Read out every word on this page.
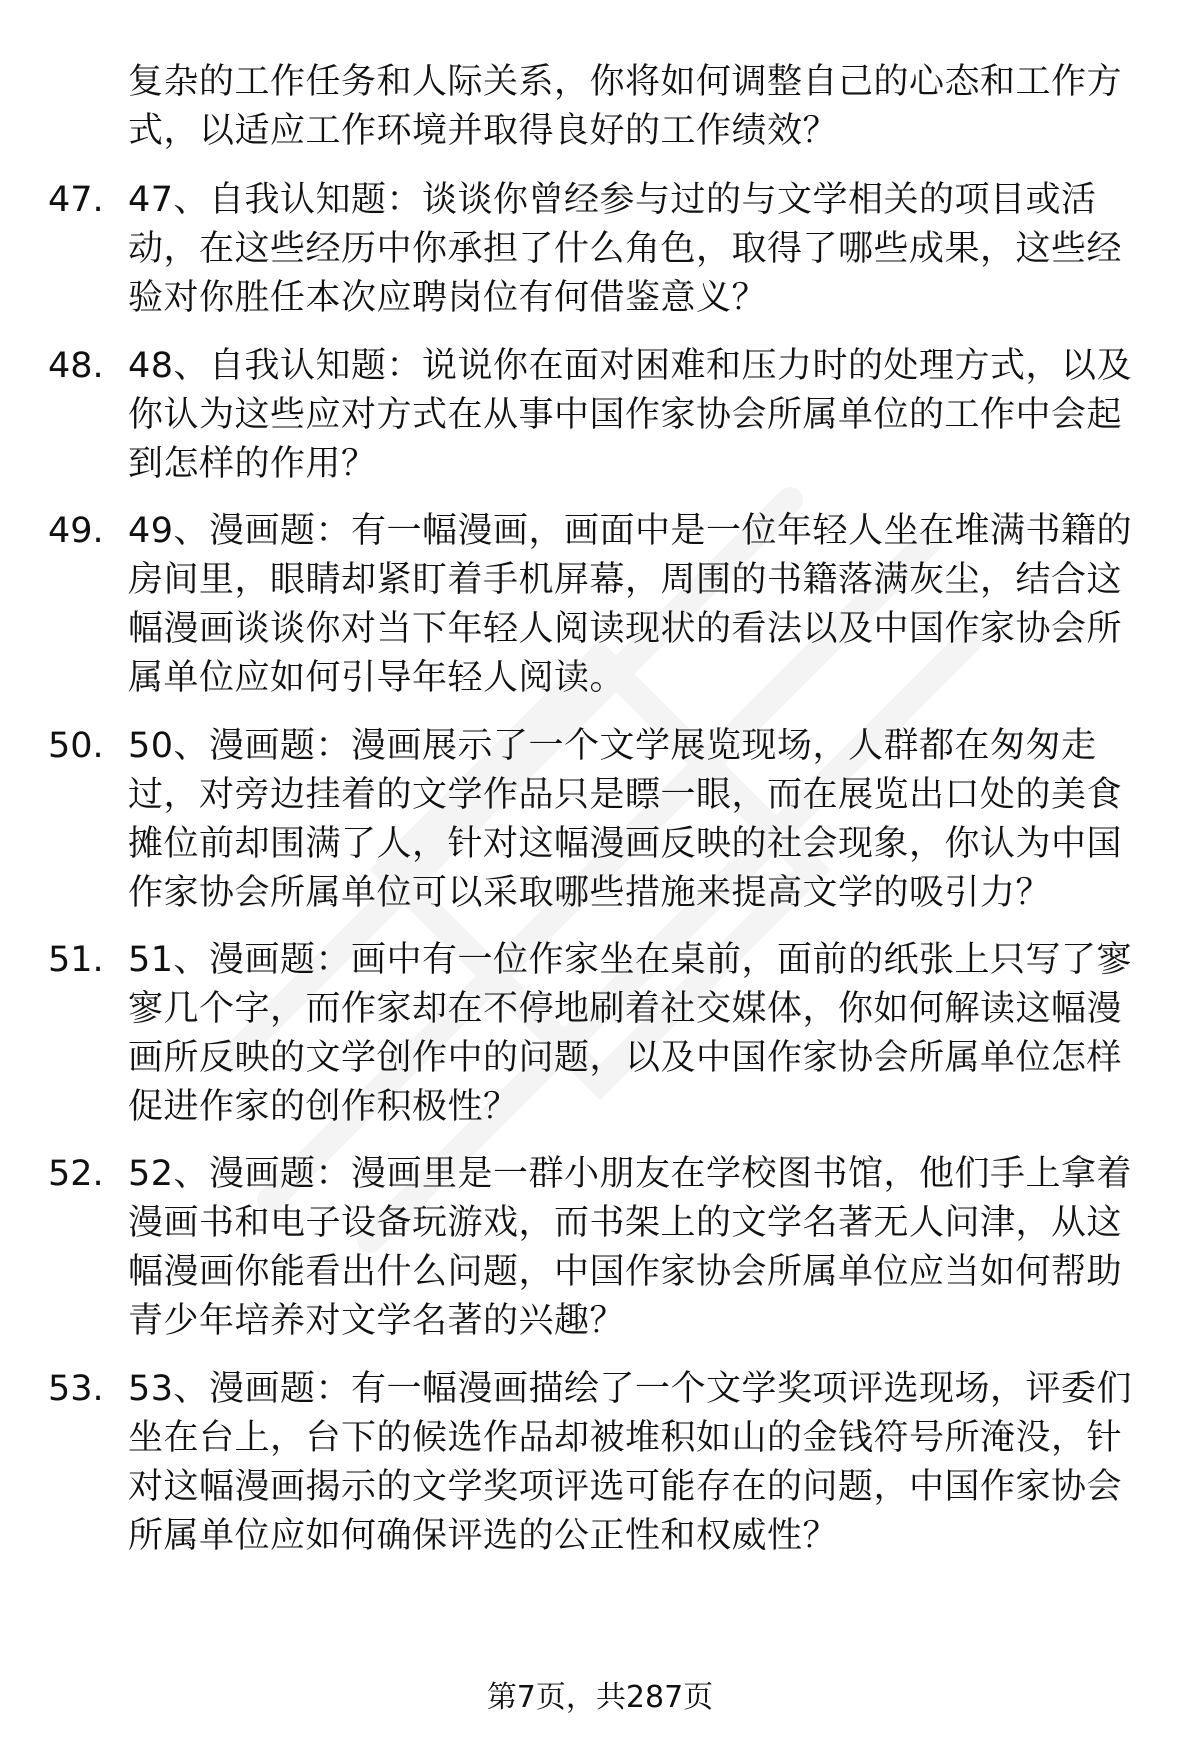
复杂的工作任务和人际关系，你将如何调整自己的心态和工作方式，以适应工作环境并取得良好的工作绩效？

47. 47、自我认知题：谈谈你曾经参与过的与文学相关的项目或活动，在这些经历中你承担了什么角色，取得了哪些成果，这些经验对你胜任本次应聘岗位有何借鉴意义？
48. 48、自我认知题：说说你在面对困难和压力时的处理方式，以及你认为这些应对方式在从事中国作家协会所属单位的工作中会起到怎样的作用？
49. 49、漫画题：有一幅漫画，画面中是一位年轻人坐在堆满书籍的房间里，眼睛却紧盯着手机屏幕，周围的书籍落满灰尘，结合这幅漫画谈谈你对当下年轻人阅读现状的看法以及中国作家协会所属单位应如何引导年轻人阅读。
50. 50、漫画题：漫画展示了一个文学展览现场，人群都在匆匆走过，对旁边挂着的文学作品只是瞟一眼，而在展览出口处的美食摊位前却围满了人，针对这幅漫画反映的社会现象，你认为中国作家协会所属单位可以采取哪些措施来提高文学的吸引力？
51. 51、漫画题：画中有一位作家坐在桌前，面前的纸张上只写了寥寥几个字，而作家却在不停地刷着社交媒体，你如何解读这幅漫画所反映的文学创作中的问题，以及中国作家协会所属单位怎样促进作家的创作积极性？
52. 52、漫画题：漫画里是一群小朋友在学校图书馆，他们手上拿着漫画书和电子设备玩游戏，而书架上的文学名著无人问津，从这幅漫画你能看出什么问题，中国作家协会所属单位应当如何帮助青少年培养对文学名著的兴趣？
53. 53、漫画题：有一幅漫画描绘了一个文学奖项评选现场，评委们坐在台上，台下的候选作品却被堆积如山的金钱符号所淹没，针对这幅漫画揭示的文学奖项评选可能存在的问题，中国作家协会所属单位应如何确保评选的公正性和权威性？
第7页，共287页
